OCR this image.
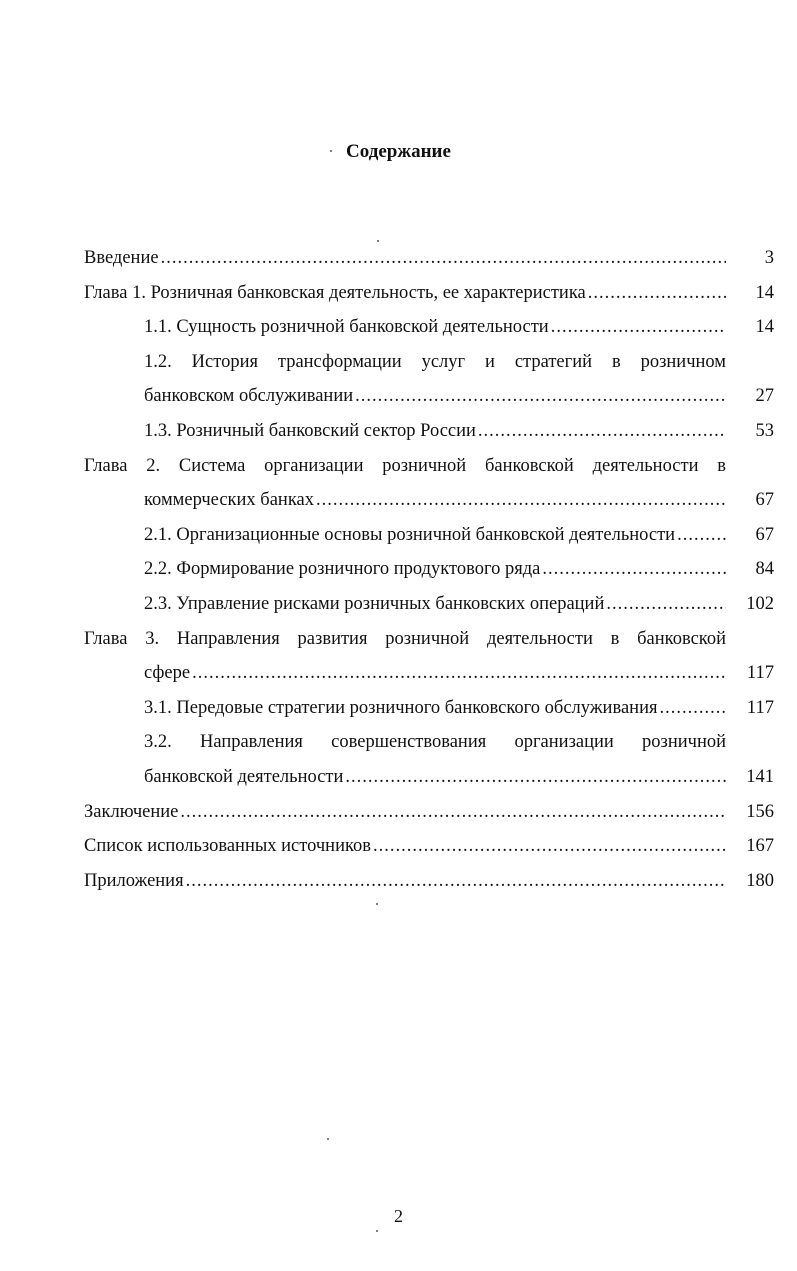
Содержание
Введение .....	3
Глава 1. Розничная банковская деятельность, ее характеристика .....	14
1.1. Сущность розничной банковской деятельности .....	14
1.2. История трансформации услуг и стратегий в розничном
банковском обслуживании .....	27
1.3. Розничный банковский сектор России .....	53
Глава 2. Система организации розничной банковской деятельности в
коммерческих банках .....	67
2.1. Организационные основы розничной банковской деятельности .....	67
2.2. Формирование розничного продуктового ряда .....	84
2.3. Управление рисками розничных банковских операций .....	102
Глава 3. Направления развития розничной деятельности в банковской
сфере .....	117
3.1. Передовые стратегии розничного банковского обслуживания .....	117
3.2. Направления совершенствования организации розничной
банковской деятельности .....	141
Заключение .....	156
Список использованных источников .....	167
Приложения .....	180
2
